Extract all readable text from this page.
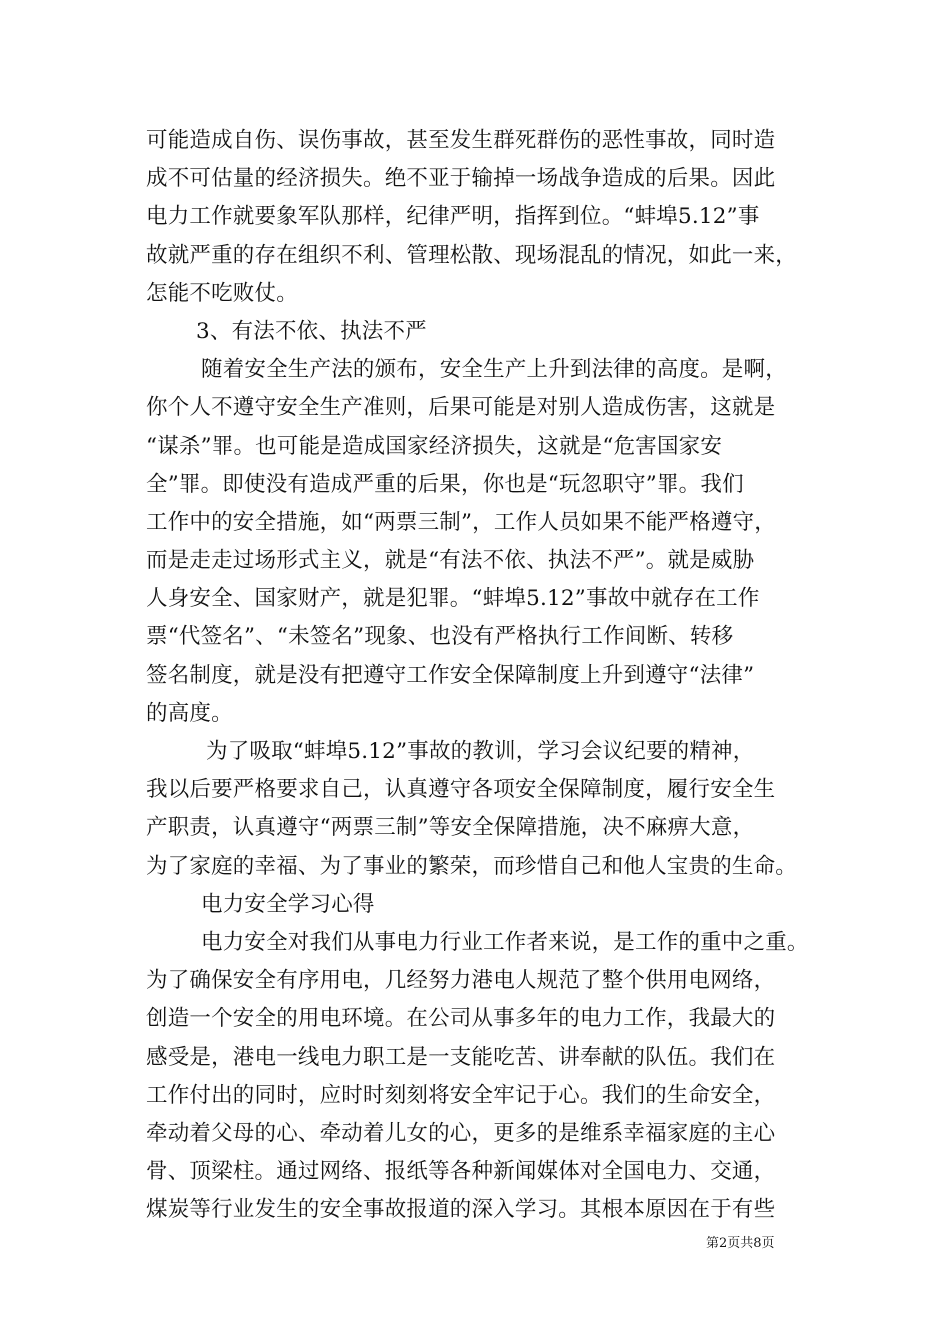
可能造成自伤、误伤事故，甚至发生群死群伤的恶性事故，同时造
成不可估量的经济损失。绝不亚于输掉一场战争造成的后果。因此
电力工作就要象军队那样，纪律严明，指挥到位。“蚌埠5.12”事
故就严重的存在组织不利、管理松散、现场混乱的情况，如此一来，
怎能不吃败仗。
3、有法不依、执法不严
随着安全生产法的颁布，安全生产上升到法律的高度。是啊，
你个人不遵守安全生产准则，后果可能是对别人造成伤害，这就是
“谋杀”罪。也可能是造成国家经济损失，这就是“危害国家安
全”罪。即使没有造成严重的后果，你也是“玩忽职守”罪。我们
工作中的安全措施，如“两票三制”，工作人员如果不能严格遵守，
而是走走过场形式主义，就是“有法不依、执法不严”。就是威胁
人身安全、国家财产，就是犯罪。“蚌埠5.12”事故中就存在工作
票“代签名”、“未签名”现象、也没有严格执行工作间断、转移
签名制度，就是没有把遵守工作安全保障制度上升到遵守“法律”
的高度。
为了吸取“蚌埠5.12”事故的教训，学习会议纪要的精神，
我以后要严格要求自己，认真遵守各项安全保障制度，履行安全生
产职责，认真遵守“两票三制”等安全保障措施，决不麻痹大意，
为了家庭的幸福、为了事业的繁荣，而珍惜自己和他人宝贵的生命。
电力安全学习心得
电力安全对我们从事电力行业工作者来说，是工作的重中之重。
为了确保安全有序用电，几经努力港电人规范了整个供用电网络，
创造一个安全的用电环境。在公司从事多年的电力工作，我最大的
感受是，港电一线电力职工是一支能吃苦、讲奉献的队伍。我们在
工作付出的同时，应时时刻刻将安全牢记于心。我们的生命安全，
牵动着父母的心、牵动着儿女的心，更多的是维系幸福家庭的主心
骨、顶梁柱。通过网络、报纸等各种新闻媒体对全国电力、交通，
煤炭等行业发生的安全事故报道的深入学习。其根本原因在于有些
第2页共8页
